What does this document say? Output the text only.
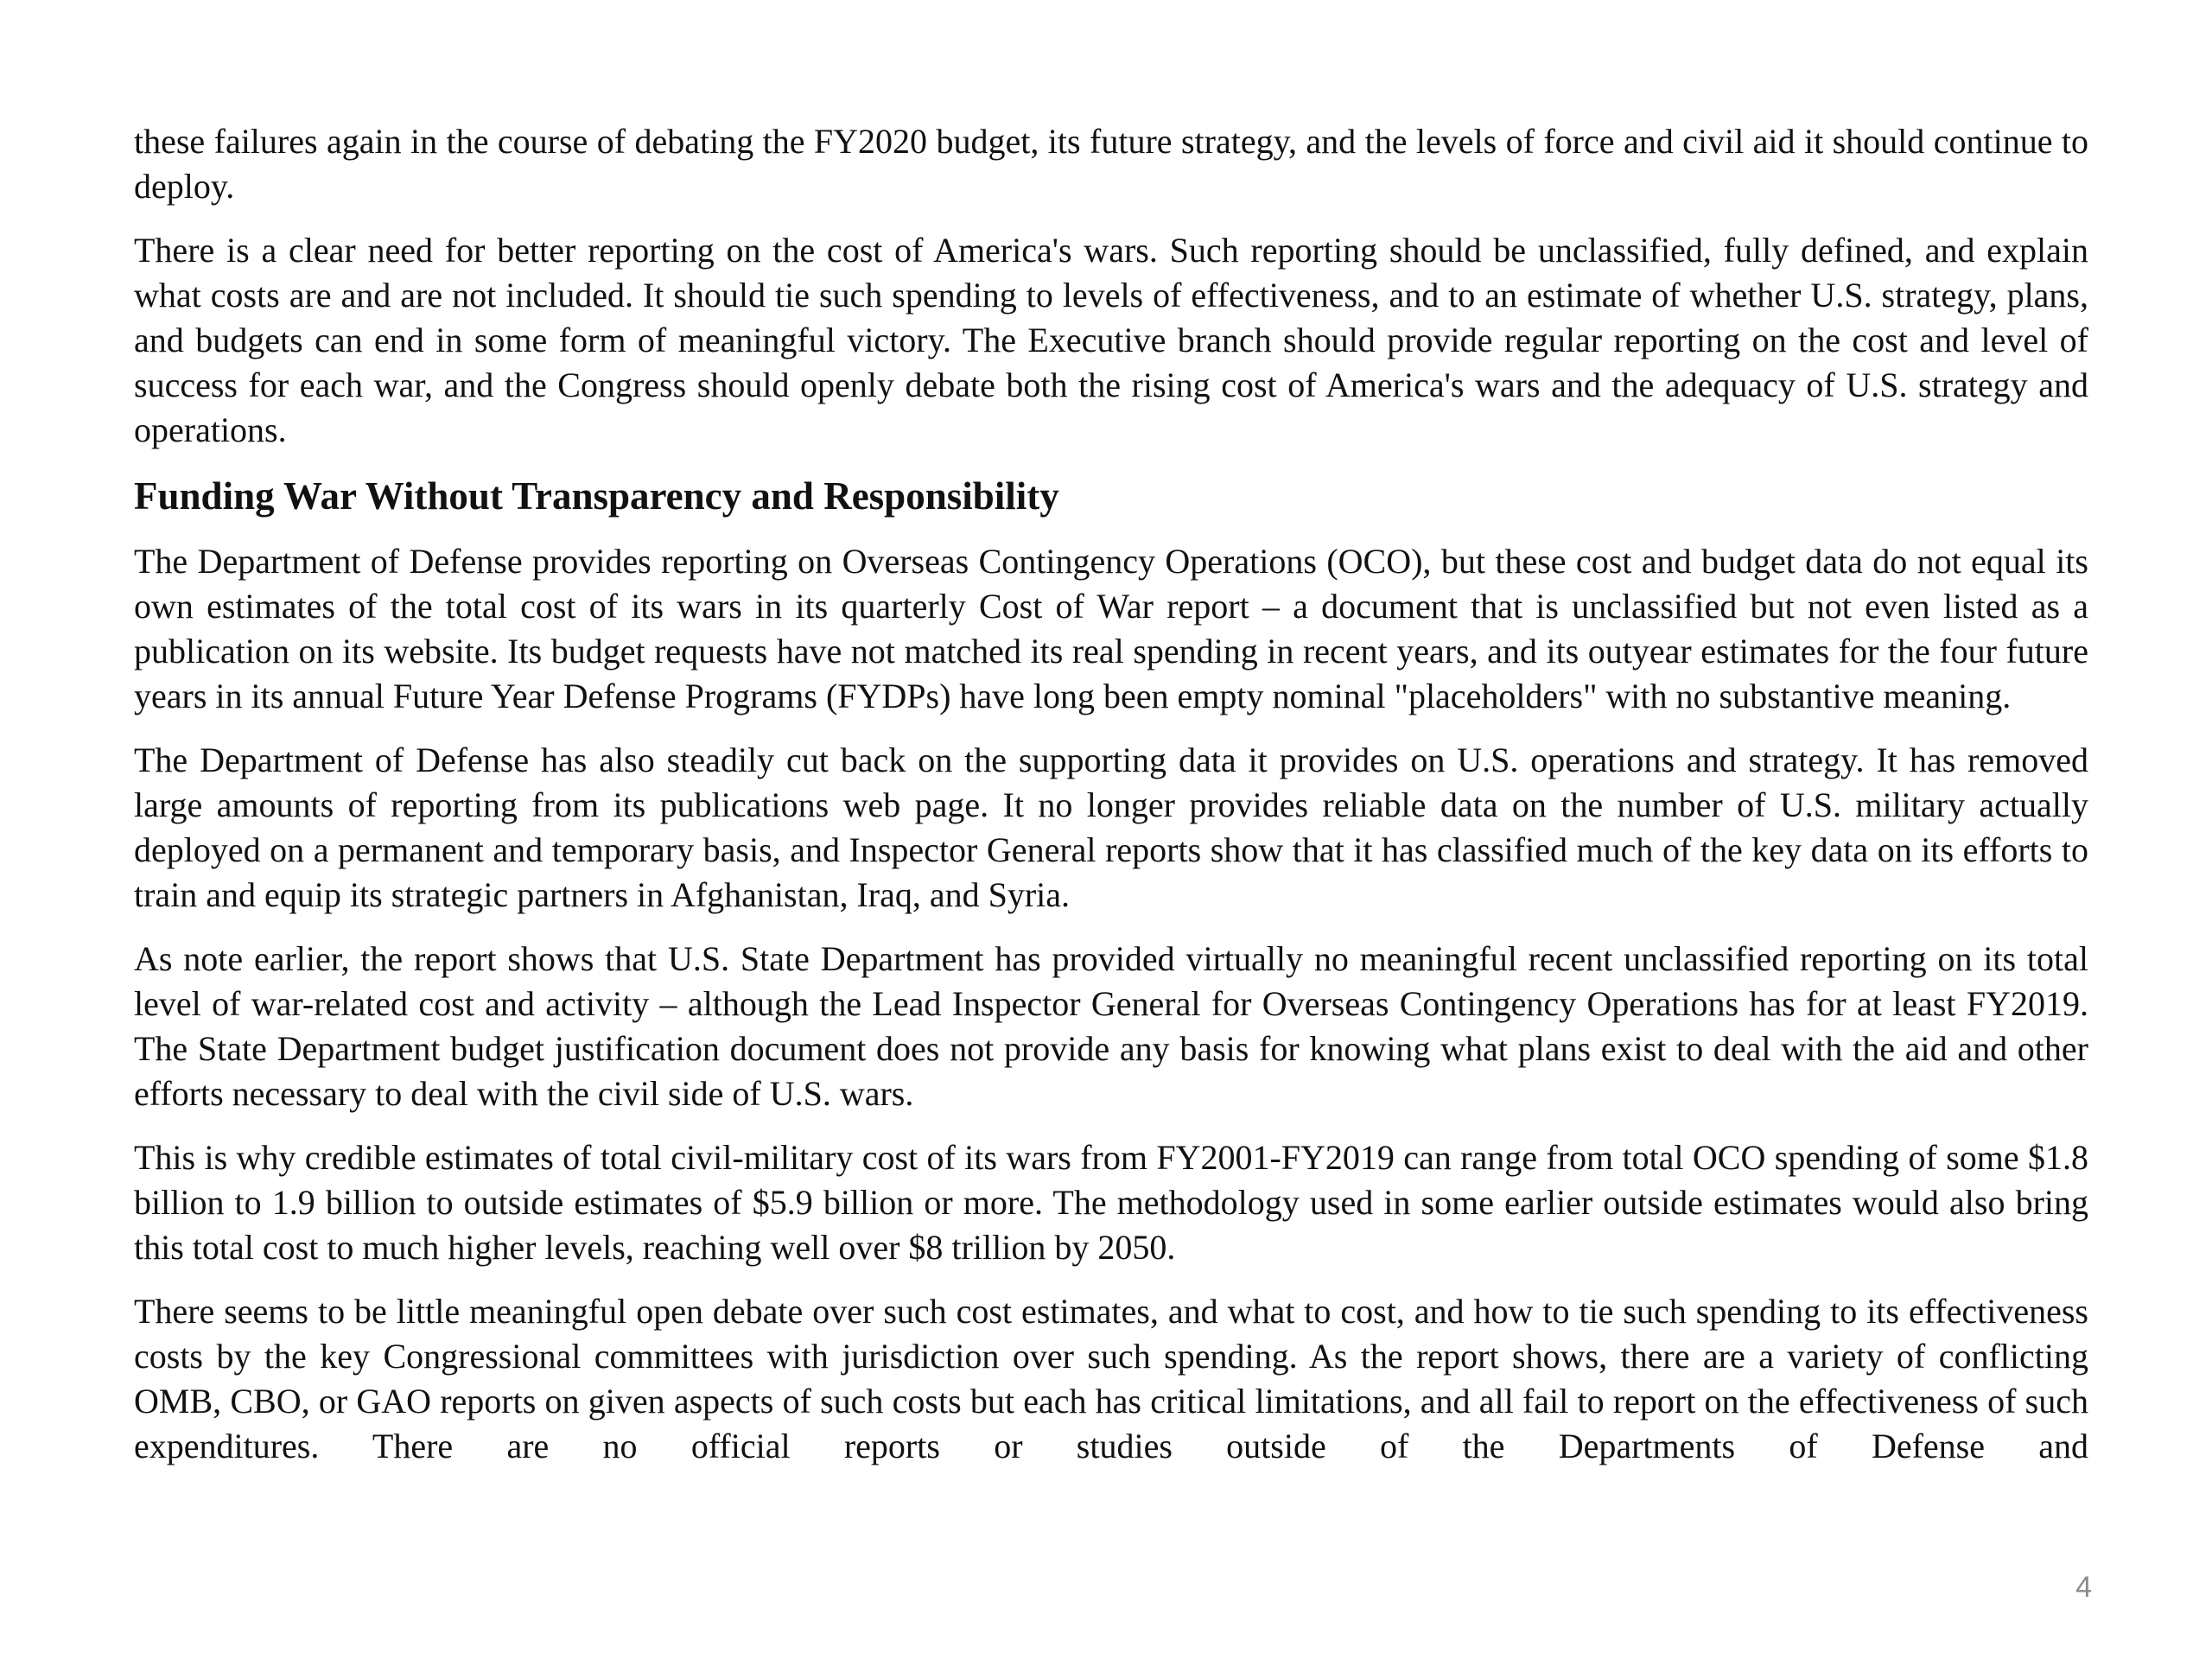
these failures again in the course of debating the FY2020 budget, its future strategy, and the levels of force and civil aid it should continue to deploy.

There is a clear need for better reporting on the cost of America's wars. Such reporting should be unclassified, fully defined, and explain what costs are and are not included. It should tie such spending to levels of effectiveness, and to an estimate of whether U.S. strategy, plans, and budgets can end in some form of meaningful victory. The Executive branch should provide regular reporting on the cost and level of success for each war, and the Congress should openly debate both the rising cost of America's wars and the adequacy of U.S. strategy and operations.

Funding War Without Transparency and Responsibility

The Department of Defense provides reporting on Overseas Contingency Operations (OCO), but these cost and budget data do not equal its own estimates of the total cost of its wars in its quarterly Cost of War report – a document that is unclassified but not even listed as a publication on its website. Its budget requests have not matched its real spending in recent years, and its outyear estimates for the four future years in its annual Future Year Defense Programs (FYDPs) have long been empty nominal "placeholders" with no substantive meaning.

The Department of Defense has also steadily cut back on the supporting data it provides on U.S. operations and strategy. It has removed large amounts of reporting from its publications web page. It no longer provides reliable data on the number of U.S. military actually deployed on a permanent and temporary basis, and Inspector General reports show that it has classified much of the key data on its efforts to train and equip its strategic partners in Afghanistan, Iraq, and Syria.

As note earlier, the report shows that U.S. State Department has provided virtually no meaningful recent unclassified reporting on its total level of war-related cost and activity – although the Lead Inspector General for Overseas Contingency Operations has for at least FY2019. The State Department budget justification document does not provide any basis for knowing what plans exist to deal with the aid and other efforts necessary to deal with the civil side of U.S. wars.

This is why credible estimates of total civil-military cost of its wars from FY2001-FY2019 can range from total OCO spending of some $1.8 billion to 1.9 billion to outside estimates of $5.9 billion or more. The methodology used in some earlier outside estimates would also bring this total cost to much higher levels, reaching well over $8 trillion by 2050.

There seems to be little meaningful open debate over such cost estimates, and what to cost, and how to tie such spending to its effectiveness costs by the key Congressional committees with jurisdiction over such spending. As the report shows, there are a variety of conflicting OMB, CBO, or GAO reports on given aspects of such costs but each has critical limitations, and all fail to report on the effectiveness of such expenditures. There are no official reports or studies outside of the Departments of Defense and

4
